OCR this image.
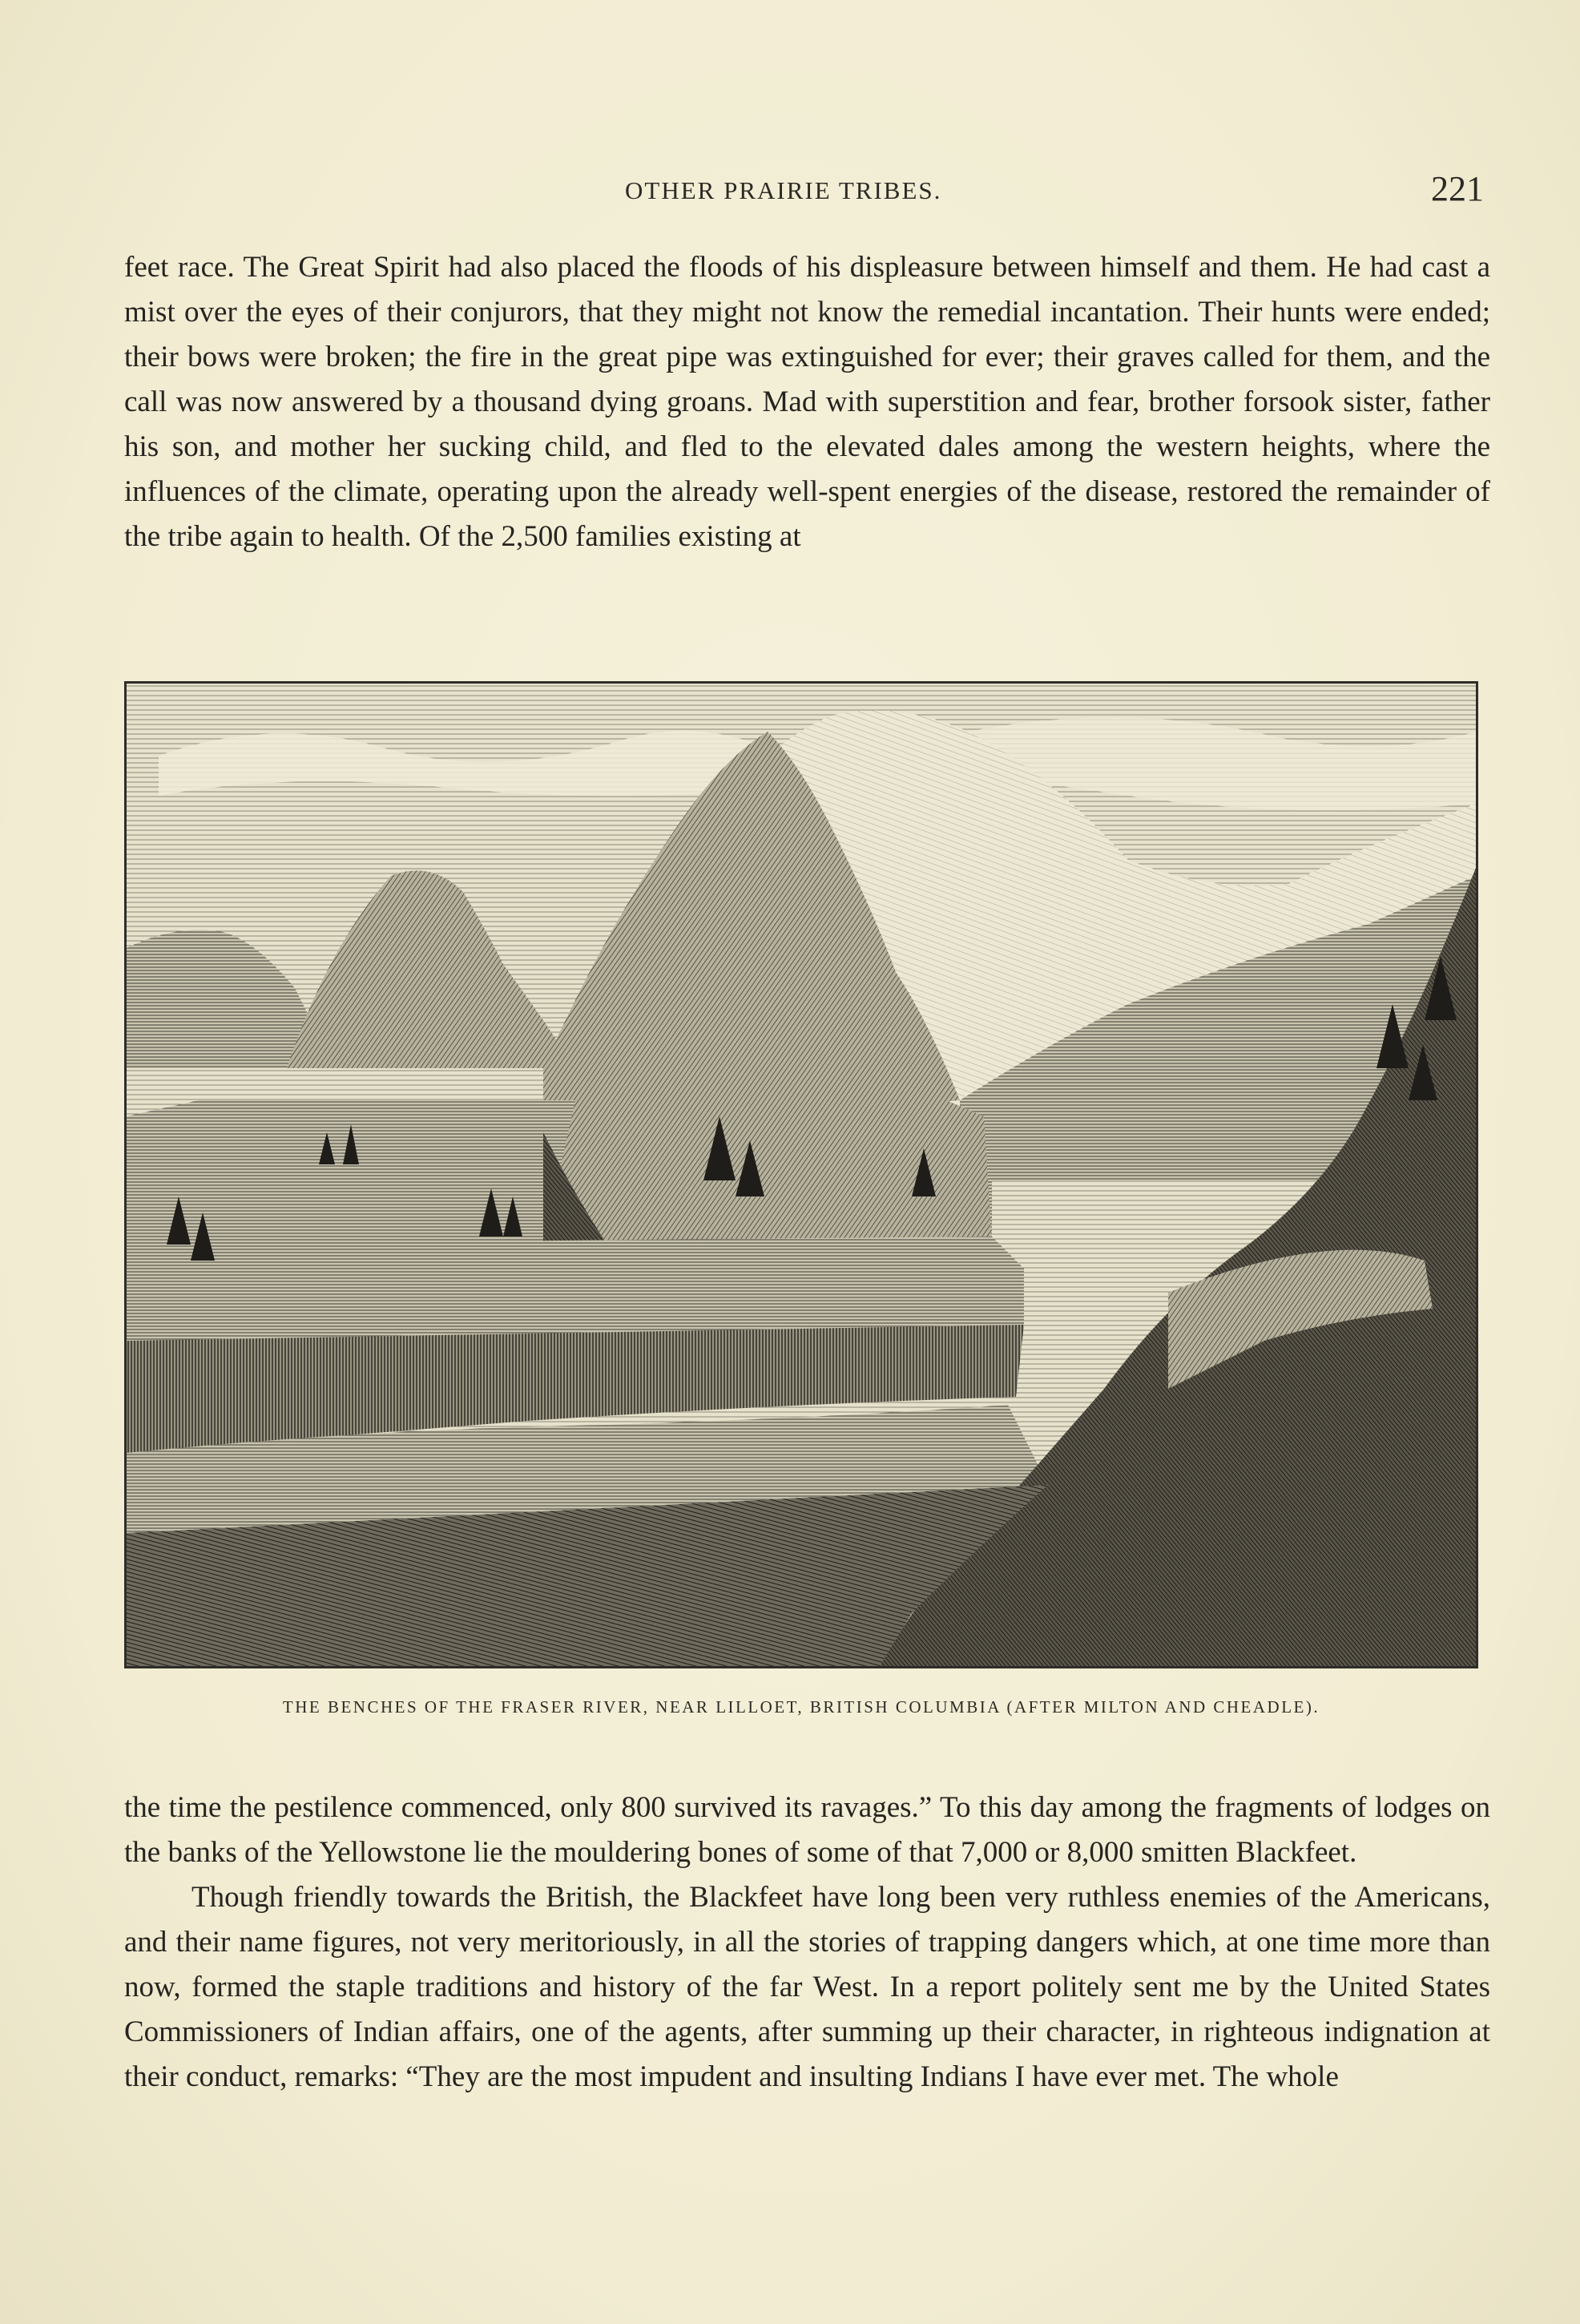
OTHER PRAIRIE TRIBES.	221

feet race. The Great Spirit had also placed the floods of his displeasure between himself and them. He had cast a mist over the eyes of their conjurors, that they might not know the remedial incantation. Their hunts were ended; their bows were broken; the fire in the great pipe was extinguished for ever; their graves called for them, and the call was now answered by a thousand dying groans. Mad with superstition and fear, brother forsook sister, father his son, and mother her sucking child, and fled to the elevated dales among the western heights, where the influences of the climate, operating upon the already well-spent energies of the disease, restored the remainder of the tribe again to health. Of the 2,500 families existing at

THE BENCHES OF THE FRASER RIVER, NEAR LILLOET, BRITISH COLUMBIA (AFTER MILTON AND CHEADLE).

the time the pestilence commenced, only 800 survived its ravages.” To this day among the fragments of lodges on the banks of the Yellowstone lie the mouldering bones of some of that 7,000 or 8,000 smitten Blackfeet.

Though friendly towards the British, the Blackfeet have long been very ruthless enemies of the Americans, and their name figures, not very meritoriously, in all the stories of trapping dangers which, at one time more than now, formed the staple traditions and history of the far West. In a report politely sent me by the United States Commissioners of Indian affairs, one of the agents, after summing up their character, in righteous indignation at their conduct, remarks: “They are the most impudent and insulting Indians I have ever met. The whole
